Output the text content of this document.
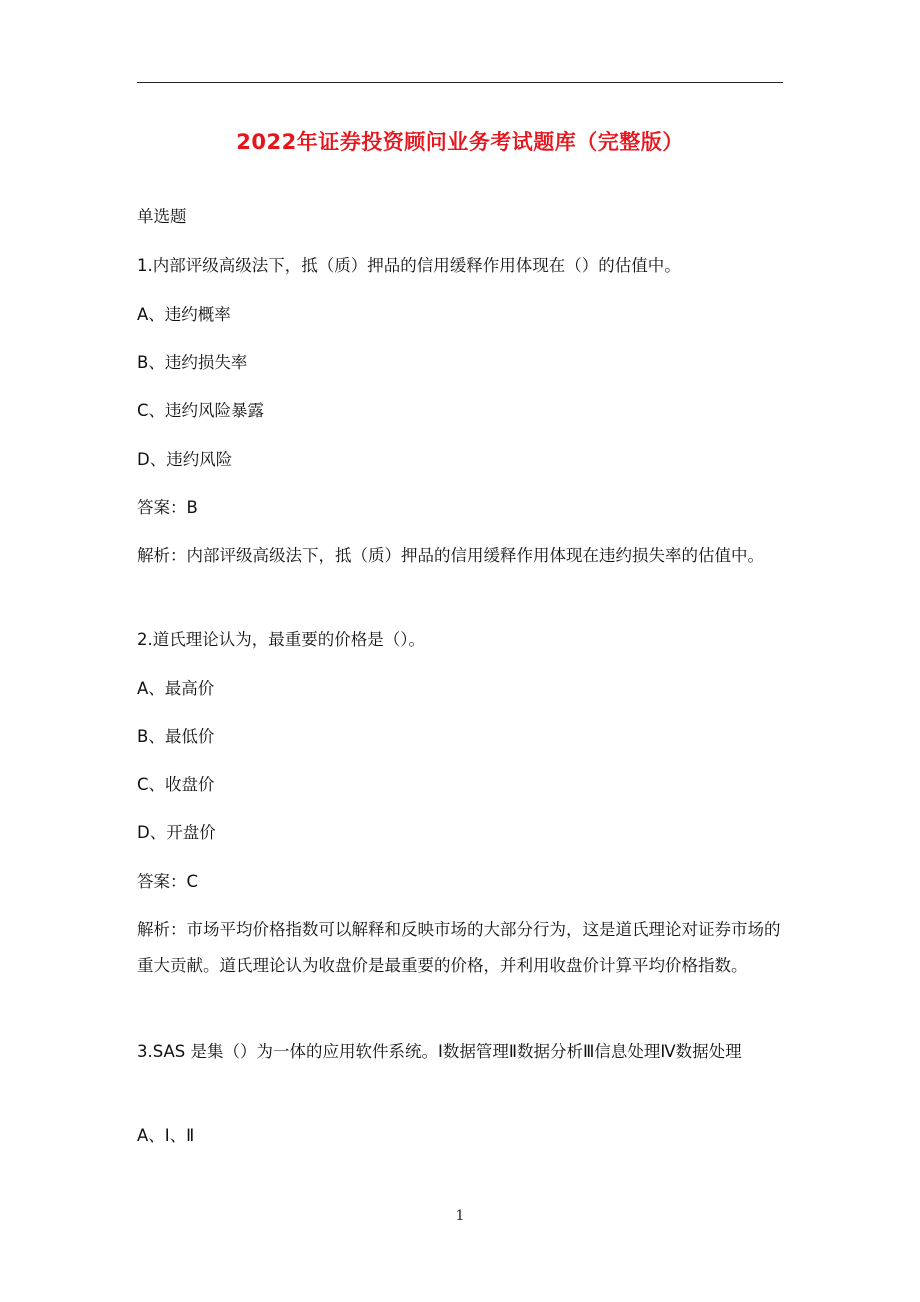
2022年证券投资顾问业务考试题库（完整版）
单选题
1.内部评级高级法下，抵（质）押品的信用缓释作用体现在（）的估值中。
A、违约概率
B、违约损失率
C、违约风险暴露
D、违约风险
答案：B
解析：内部评级高级法下，抵（质）押品的信用缓释作用体现在违约损失率的估值中。
2.道氏理论认为，最重要的价格是（）。
A、最高价
B、最低价
C、收盘价
D、开盘价
答案：C
解析：市场平均价格指数可以解释和反映市场的大部分行为，这是道氏理论对证券市场的重大贡献。道氏理论认为收盘价是最重要的价格，并利用收盘价计算平均价格指数。
3.SAS 是集（）为一体的应用软件系统。Ⅰ数据管理Ⅱ数据分析Ⅲ信息处理Ⅳ数据处理
A、Ⅰ、Ⅱ
1
